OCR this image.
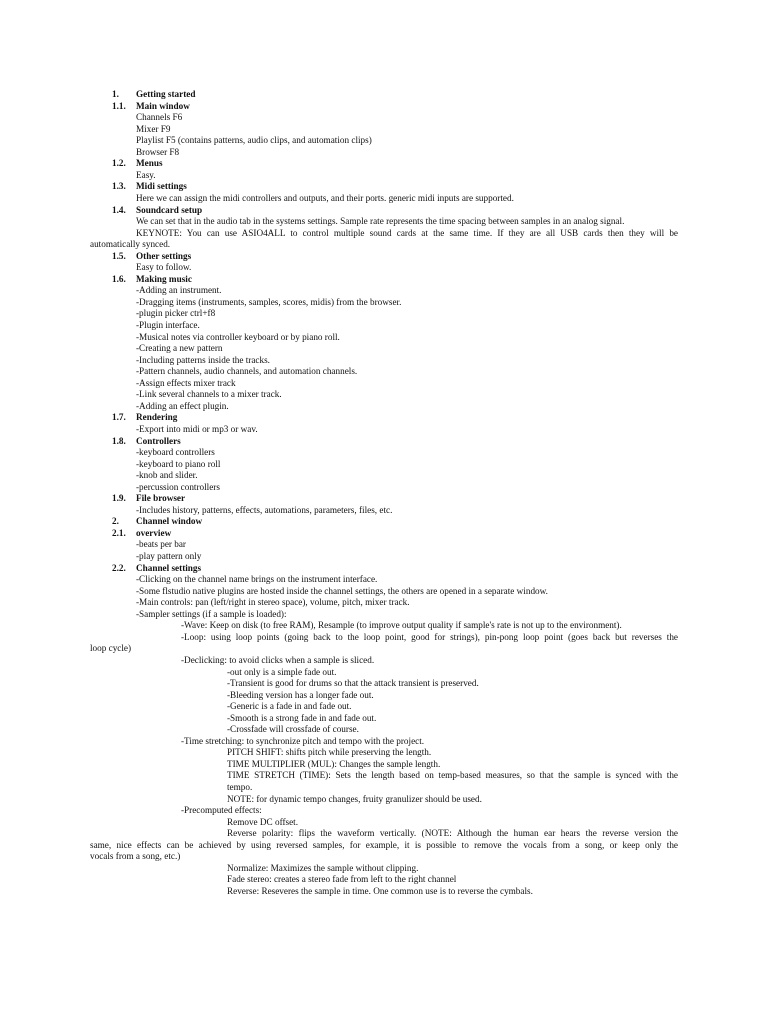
1. Getting started
1.1. Main window
Channels F6
Mixer F9
Playlist F5 (contains patterns, audio clips, and automation clips)
Browser F8
1.2. Menus
Easy.
1.3. Midi settings
Here we can assign the midi controllers and outputs, and their ports. generic midi inputs are supported.
1.4. Soundcard setup
We can set that in the audio tab in the systems settings. Sample rate represents the time spacing between samples in an analog signal.
KEYNOTE: You can use ASIO4ALL to control multiple sound cards at the same time. If they are all USB cards then they will be
automatically synced.
1.5. Other settings
Easy to follow.
1.6. Making music
-Adding an instrument.
-Dragging items (instruments, samples, scores, midis) from the browser.
-plugin picker ctrl+f8
-Plugin interface.
-Musical notes via controller keyboard or by piano roll.
-Creating a new pattern
-Including patterns inside the tracks.
-Pattern channels, audio channels, and automation channels.
-Assign effects mixer track
-Link several channels to a mixer track.
-Adding an effect plugin.
1.7. Rendering
-Export into midi or mp3 or wav.
1.8. Controllers
-keyboard controllers
-keyboard to piano roll
-knob and slider.
-percussion controllers
1.9. File browser
-Includes history, patterns, effects, automations, parameters, files, etc.
2. Channel window
2.1. overview
-beats per bar
-play pattern only
2.2. Channel settings
-Clicking on the channel name brings on the instrument interface.
-Some flstudio native plugins are hosted inside the channel settings, the others are opened in a separate window.
-Main controls: pan (left/right in stereo space), volume, pitch, mixer track.
-Sampler settings (if a sample is loaded):
-Wave: Keep on disk (to free RAM), Resample (to improve output quality if sample's rate is not up to the environment).
-Loop: using loop points (going back to the loop point, good for strings), pin-pong loop point (goes back but reverses the
loop cycle)
-Declicking: to avoid clicks when a sample is sliced.
-out only is a simple fade out.
-Transient is good for drums so that the attack transient is preserved.
-Bleeding version has a longer fade out.
-Generic is a fade in and fade out.
-Smooth is a strong fade in and fade out.
-Crossfade will crossfade of course.
-Time stretching: to synchronize pitch and tempo with the project.
PITCH SHIFT: shifts pitch while preserving the length.
TIME MULTIPLIER (MUL): Changes the sample length.
TIME STRETCH (TIME): Sets the length based on temp-based measures, so that the sample is synced with the
tempo.
NOTE: for dynamic tempo changes, fruity granulizer should be used.
-Precomputed effects:
Remove DC offset.
Reverse polarity: flips the waveform vertically. (NOTE: Although the human ear hears the reverse version the
same, nice effects can be achieved by using reversed samples, for example, it is possible to remove the vocals from a song, or keep only the
vocals from a song, etc.)
Normalize: Maximizes the sample without clipping.
Fade stereo: creates a stereo fade from left to the right channel
Reverse: Reseveres the sample in time. One common use is to reverse the cymbals.
